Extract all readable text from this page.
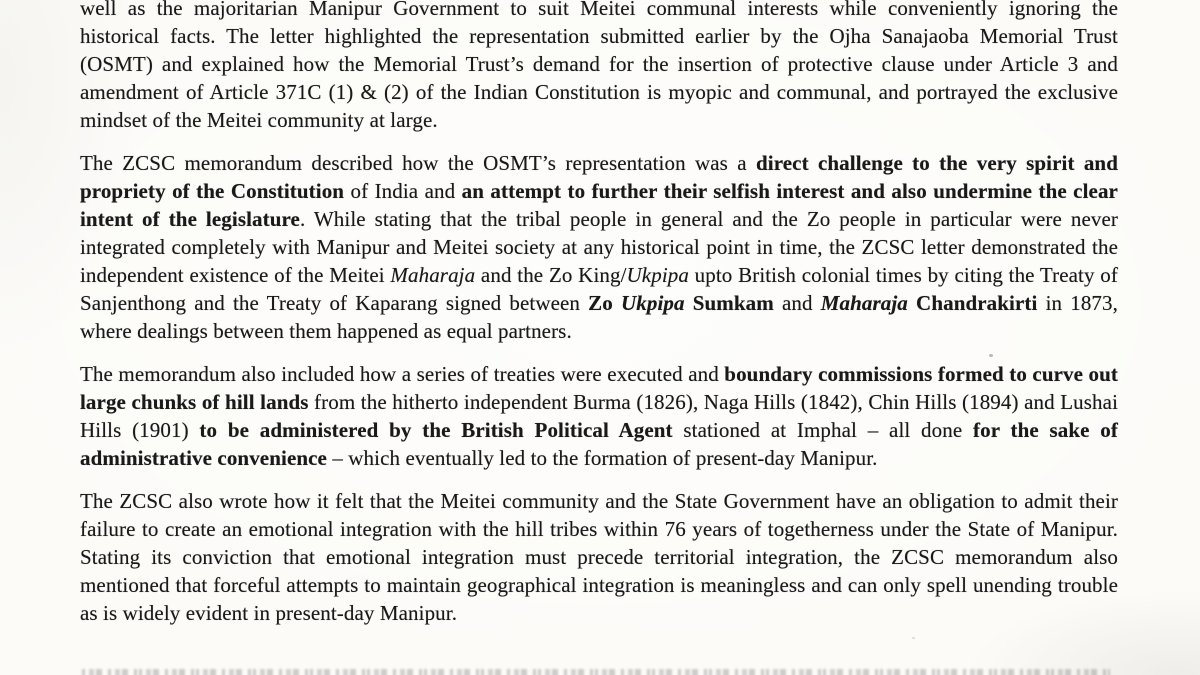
well as the majoritarian Manipur Government to suit Meitei communal interests while conveniently ignoring the historical facts. The letter highlighted the representation submitted earlier by the Ojha Sanajaoba Memorial Trust (OSMT) and explained how the Memorial Trust’s demand for the insertion of protective clause under Article 3 and amendment of Article 371C (1) & (2) of the Indian Constitution is myopic and communal, and portrayed the exclusive mindset of the Meitei community at large.

The ZCSC memorandum described how the OSMT’s representation was a direct challenge to the very spirit and propriety of the Constitution of India and an attempt to further their selfish interest and also undermine the clear intent of the legislature. While stating that the tribal people in general and the Zo people in particular were never integrated completely with Manipur and Meitei society at any historical point in time, the ZCSC letter demonstrated the independent existence of the Meitei Maharaja and the Zo King/Ukpipa upto British colonial times by citing the Treaty of Sanjenthong and the Treaty of Kaparang signed between Zo Ukpipa Sumkam and Maharaja Chandrakirti in 1873, where dealings between them happened as equal partners.

The memorandum also included how a series of treaties were executed and boundary commissions formed to curve out large chunks of hill lands from the hitherto independent Burma (1826), Naga Hills (1842), Chin Hills (1894) and Lushai Hills (1901) to be administered by the British Political Agent stationed at Imphal – all done for the sake of administrative convenience – which eventually led to the formation of present-day Manipur.

The ZCSC also wrote how it felt that the Meitei community and the State Government have an obligation to admit their failure to create an emotional integration with the hill tribes within 76 years of togetherness under the State of Manipur. Stating its conviction that emotional integration must precede territorial integration, the ZCSC memorandum also mentioned that forceful attempts to maintain geographical integration is meaningless and can only spell unending trouble as is widely evident in present-day Manipur.
